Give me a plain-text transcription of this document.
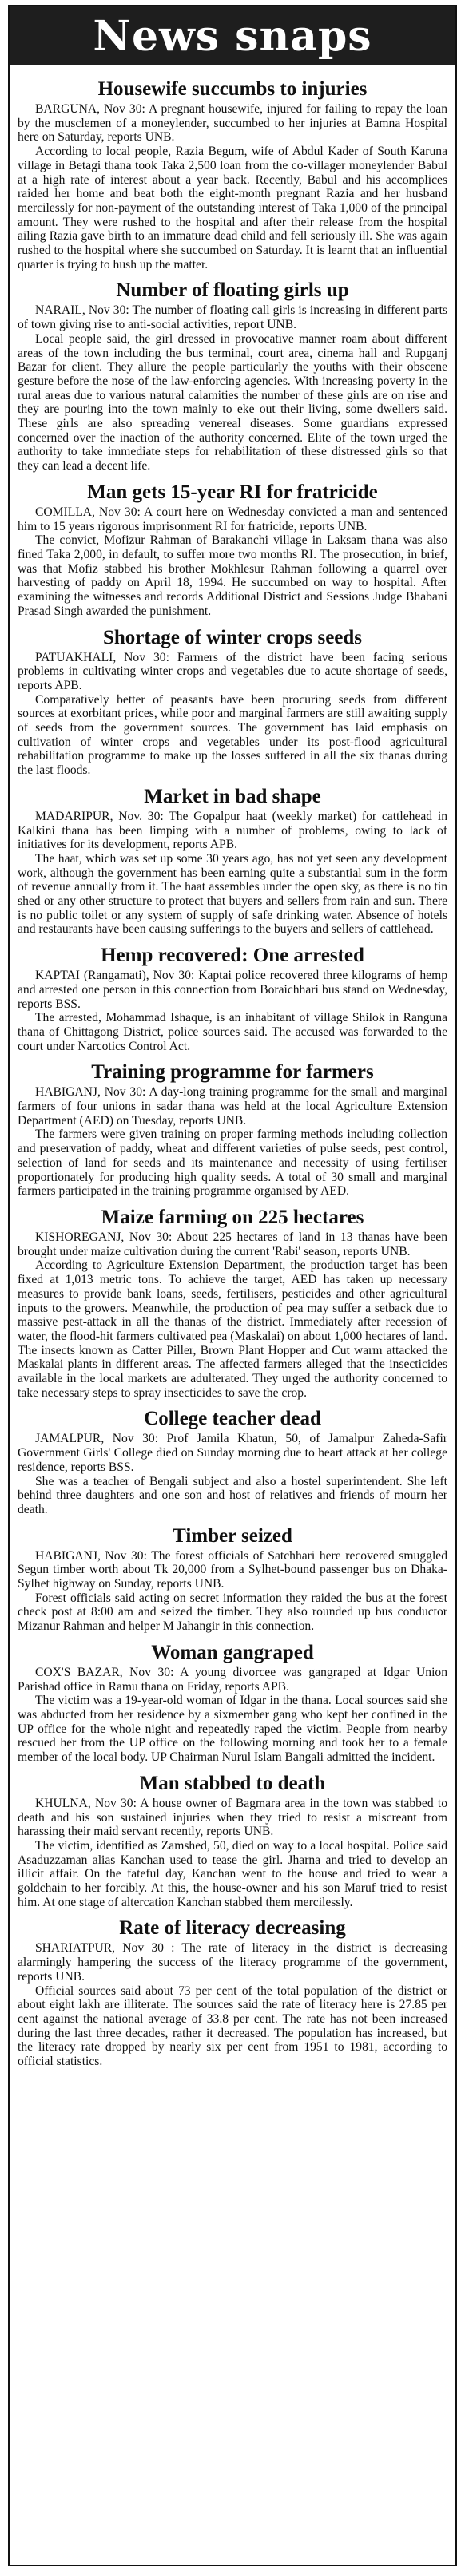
News snaps
Housewife succumbs to injuries

BARGUNA, Nov 30: A pregnant housewife, injured for failing to repay the loan by the musclemen of a moneylender, succumbed to her injuries at Bamna Hospital here on Saturday, reports UNB.

According to local people, Razia Begum, wife of Abdul Kader of South Karuna village in Betagi thana took Taka 2,500 loan from the co-villager moneylender Babul at a high rate of interest about a year back. Recently, Babul and his accomplices raided her home and beat both the eight-month pregnant Razia and her husband mercilessly for non-payment of the outstanding interest of Taka 1,000 of the principal amount. They were rushed to the hospital and after their release from the hospital ailing Razia gave birth to an immature dead child and fell seriously ill. She was again rushed to the hospital where she succumbed on Saturday. It is learnt that an influential quarter is trying to hush up the matter.

Number of floating girls up

NARAIL, Nov 30: The number of floating call girls is increasing in different parts of town giving rise to anti-social activities, report UNB.

Local people said, the girl dressed in provocative manner roam about different areas of the town including the bus terminal, court area, cinema hall and Rupganj Bazar for client. They allure the people particularly the youths with their obscene gesture before the nose of the law-enforcing agencies. With increasing poverty in the rural areas due to various natural calamities the number of these girls are on rise and they are pouring into the town mainly to eke out their living, some dwellers said. These girls are also spreading venereal diseases. Some guardians expressed concerned over the inaction of the authority concerned. Elite of the town urged the authority to take immediate steps for rehabilitation of these distressed girls so that they can lead a decent life.

Man gets 15-year RI for fratricide

COMILLA, Nov 30: A court here on Wednesday convicted a man and sentenced him to 15 years rigorous imprisonment RI for fratricide, reports UNB.

The convict, Mofizur Rahman of Barakanchi village in Laksam thana was also fined Taka 2,000, in default, to suffer more two months RI. The prosecution, in brief, was that Mofiz stabbed his brother Mokhlesur Rahman following a quarrel over harvesting of paddy on April 18, 1994. He succumbed on way to hospital. After examining the witnesses and records Additional District and Sessions Judge Bhabani Prasad Singh awarded the punishment.

Shortage of winter crops seeds

PATUAKHALI, Nov 30: Farmers of the district have been facing serious problems in cultivating winter crops and vegetables due to acute shortage of seeds, reports APB.

Comparatively better of peasants have been procuring seeds from different sources at exorbitant prices, while poor and marginal farmers are still awaiting supply of seeds from the government sources. The government has laid emphasis on cultivation of winter crops and vegetables under its post-flood agricultural rehabilitation programme to make up the losses suffered in all the six thanas during the last floods.

Market in bad shape

MADARIPUR, Nov. 30: The Gopalpur haat (weekly market) for cattlehead in Kalkini thana has been limping with a number of problems, owing to lack of initiatives for its development, reports APB.

The haat, which was set up some 30 years ago, has not yet seen any development work, although the government has been earning quite a substantial sum in the form of revenue annually from it. The haat assembles under the open sky, as there is no tin shed or any other structure to protect that buyers and sellers from rain and sun. There is no public toilet or any system of supply of safe drinking water. Absence of hotels and restaurants have been causing sufferings to the buyers and sellers of cattlehead.

Hemp recovered: One arrested

KAPTAI (Rangamati), Nov 30: Kaptai police recovered three kilograms of hemp and arrested one person in this connection from Boraichhari bus stand on Wednesday, reports BSS.

The arrested, Mohammad Ishaque, is an inhabitant of village Shilok in Ranguna thana of Chittagong District, police sources said. The accused was forwarded to the court under Narcotics Control Act.

Training programme for farmers

HABIGANJ, Nov 30: A day-long training programme for the small and marginal farmers of four unions in sadar thana was held at the local Agriculture Extension Department (AED) on Tuesday, reports UNB.

The farmers were given training on proper farming methods including collection and preservation of paddy, wheat and different varieties of pulse seeds, pest control, selection of land for seeds and its maintenance and necessity of using fertiliser proportionately for producing high quality seeds. A total of 30 small and marginal farmers participated in the training programme organised by AED.

Maize farming on 225 hectares

KISHOREGANJ, Nov 30: About 225 hectares of land in 13 thanas have been brought under maize cultivation during the current 'Rabi' season, reports UNB.

According to Agriculture Extension Department, the production target has been fixed at 1,013 metric tons. To achieve the target, AED has taken up necessary measures to provide bank loans, seeds, fertilisers, pesticides and other agricultural inputs to the growers. Meanwhile, the production of pea may suffer a setback due to massive pest-attack in all the thanas of the district. Immediately after recession of water, the flood-hit farmers cultivated pea (Maskalai) on about 1,000 hectares of land. The insects known as Catter Piller, Brown Plant Hopper and Cut warm attacked the Maskalai plants in different areas. The affected farmers alleged that the insecticides available in the local markets are adulterated. They urged the authority concerned to take necessary steps to spray insecticides to save the crop.

College teacher dead

JAMALPUR, Nov 30: Prof Jamila Khatun, 50, of Jamalpur Zaheda-Safir Government Girls' College died on Sunday morning due to heart attack at her college residence, reports BSS.

She was a teacher of Bengali subject and also a hostel superintendent. She left behind three daughters and one son and host of relatives and friends of mourn her death.

Timber seized

HABIGANJ, Nov 30: The forest officials of Satchhari here recovered smuggled Segun timber worth about Tk 20,000 from a Sylhet-bound passenger bus on Dhaka-Sylhet highway on Sunday, reports UNB.

Forest officials said acting on secret information they raided the bus at the forest check post at 8:00 am and seized the timber. They also rounded up bus conductor Mizanur Rahman and helper M Jahangir in this connection.

Woman gangraped

COX'S BAZAR, Nov 30: A young divorcee was gangraped at Idgar Union Parishad office in Ramu thana on Friday, reports APB.

The victim was a 19-year-old woman of Idgar in the thana. Local sources said she was abducted from her residence by a sixmember gang who kept her confined in the UP office for the whole night and repeatedly raped the victim. People from nearby rescued her from the UP office on the following morning and took her to a female member of the local body. UP Chairman Nurul Islam Bangali admitted the incident.

Man stabbed to death

KHULNA, Nov 30: A house owner of Bagmara area in the town was stabbed to death and his son sustained injuries when they tried to resist a miscreant from harassing their maid servant recently, reports UNB.

The victim, identified as Zamshed, 50, died on way to a local hospital. Police said Asaduzzaman alias Kanchan used to tease the girl. Jharna and tried to develop an illicit affair. On the fateful day, Kanchan went to the house and tried to wear a goldchain to her forcibly. At this, the house-owner and his son Maruf tried to resist him. At one stage of altercation Kanchan stabbed them mercilessly.

Rate of literacy decreasing

SHARIATPUR, Nov 30 : The rate of literacy in the district is decreasing alarmingly hampering the success of the literacy programme of the government, reports UNB.

Official sources said about 73 per cent of the total population of the district or about eight lakh are illiterate. The sources said the rate of literacy here is 27.85 per cent against the national average of 33.8 per cent. The rate has not been increased during the last three decades, rather it decreased. The population has increased, but the literacy rate dropped by nearly six per cent from 1951 to 1981, according to official statistics.
